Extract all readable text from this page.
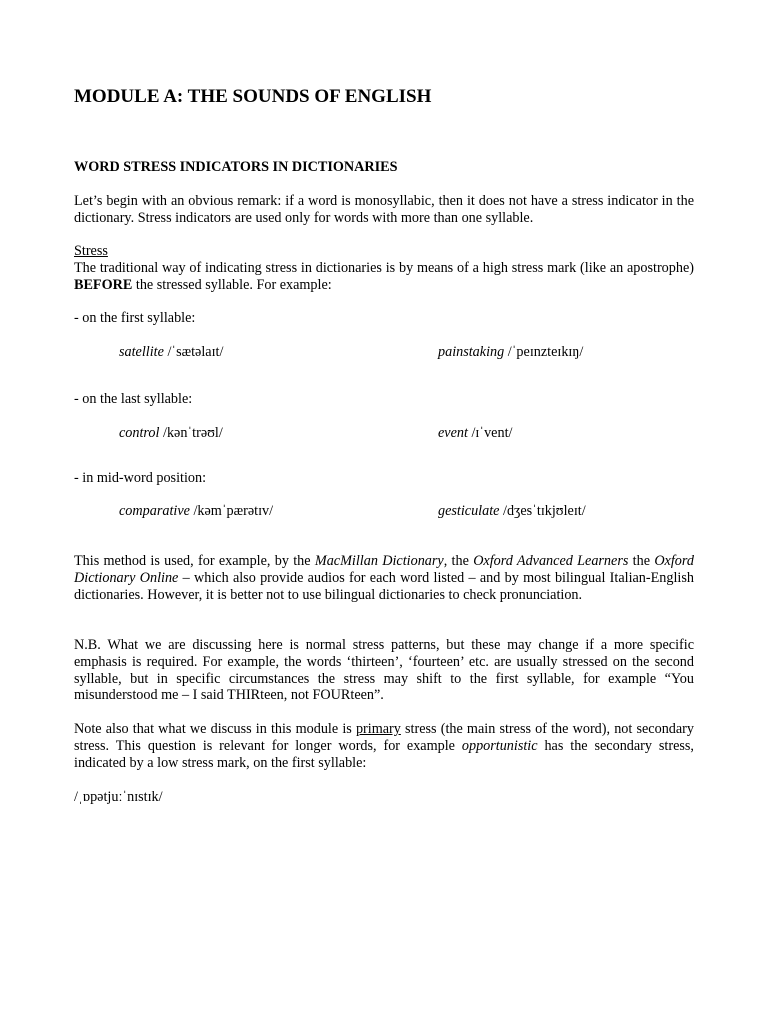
MODULE A: THE SOUNDS OF ENGLISH
WORD STRESS INDICATORS IN DICTIONARIES

Let’s begin with an obvious remark: if a word is monosyllabic, then it does not have a stress indicator in the dictionary. Stress indicators are used only for words with more than one syllable.

Stress

The traditional way of indicating stress in dictionaries is by means of a high stress mark (like an apostrophe) BEFORE the stressed syllable. For example:

- on the first syllable:

satellite /ˈsætəlaɪt/	painstaking /ˈpeɪnzteɪkɪŋ/

- on the last syllable:

control /kənˈtrəʊl/	event /ɪˈvent/

- in mid-word position:

comparative /kəmˈpærətɪv/	gesticulate /dʒesˈtɪkjʊleɪt/

This method is used, for example, by the MacMillan Dictionary, the Oxford Advanced Learners the Oxford Dictionary Online – which also provide audios for each word listed – and by most bilingual Italian-English dictionaries. However, it is better not to use bilingual dictionaries to check pronunciation.

N.B. What we are discussing here is normal stress patterns, but these may change if a more specific emphasis is required. For example, the words ‘thirteen’, ‘fourteen’ etc. are usually stressed on the second syllable, but in specific circumstances the stress may shift to the first syllable, for example “You misunderstood me – I said THIRteen, not FOURteen”.

Note also that what we discuss in this module is primary stress (the main stress of the word), not secondary stress. This question is relevant for longer words, for example opportunistic has the secondary stress, indicated by a low stress mark, on the first syllable:

/ˌɒpətjuːˈnɪstɪk/
